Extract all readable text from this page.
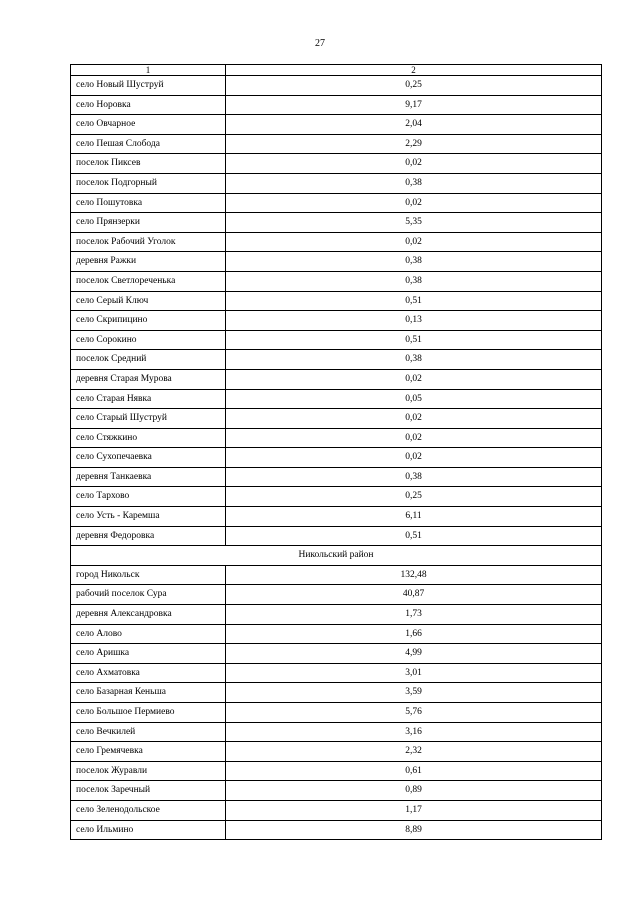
27
1	2
село Новый Шуструй	0,25
село Норовка	9,17
село Овчарное	2,04
село Пешая Слобода	2,29
поселок Пиксев	0,02
поселок Подгорный	0,38
село Пошутовка	0,02
село Прянзерки	5,35
поселок Рабочий Уголок	0,02
деревня Ражки	0,38
поселок Светлореченька	0,38
село Серый Ключ	0,51
село Скрипицино	0,13
село Сорокино	0,51
поселок Средний	0,38
деревня Старая Мурова	0,02
село Старая Нявка	0,05
село Старый Шуструй	0,02
село Стяжкино	0,02
село Сухопечаевка	0,02
деревня Танкаевка	0,38
село Тархово	0,25
село Усть - Каремша	6,11
деревня Федоровка	0,51
Никольский район	
город Никольск	132,48
рабочий поселок Сура	40,87
деревня Александровка	1,73
село Алово	1,66
село Аришка	4,99
село Ахматовка	3,01
село Базарная Кеньша	3,59
село Большое Пермиево	5,76
село Вечкилей	3,16
село Гремячевка	2,32
поселок Журавли	0,61
поселок Заречный	0,89
село Зеленодольское	1,17
село Ильмино	8,89
